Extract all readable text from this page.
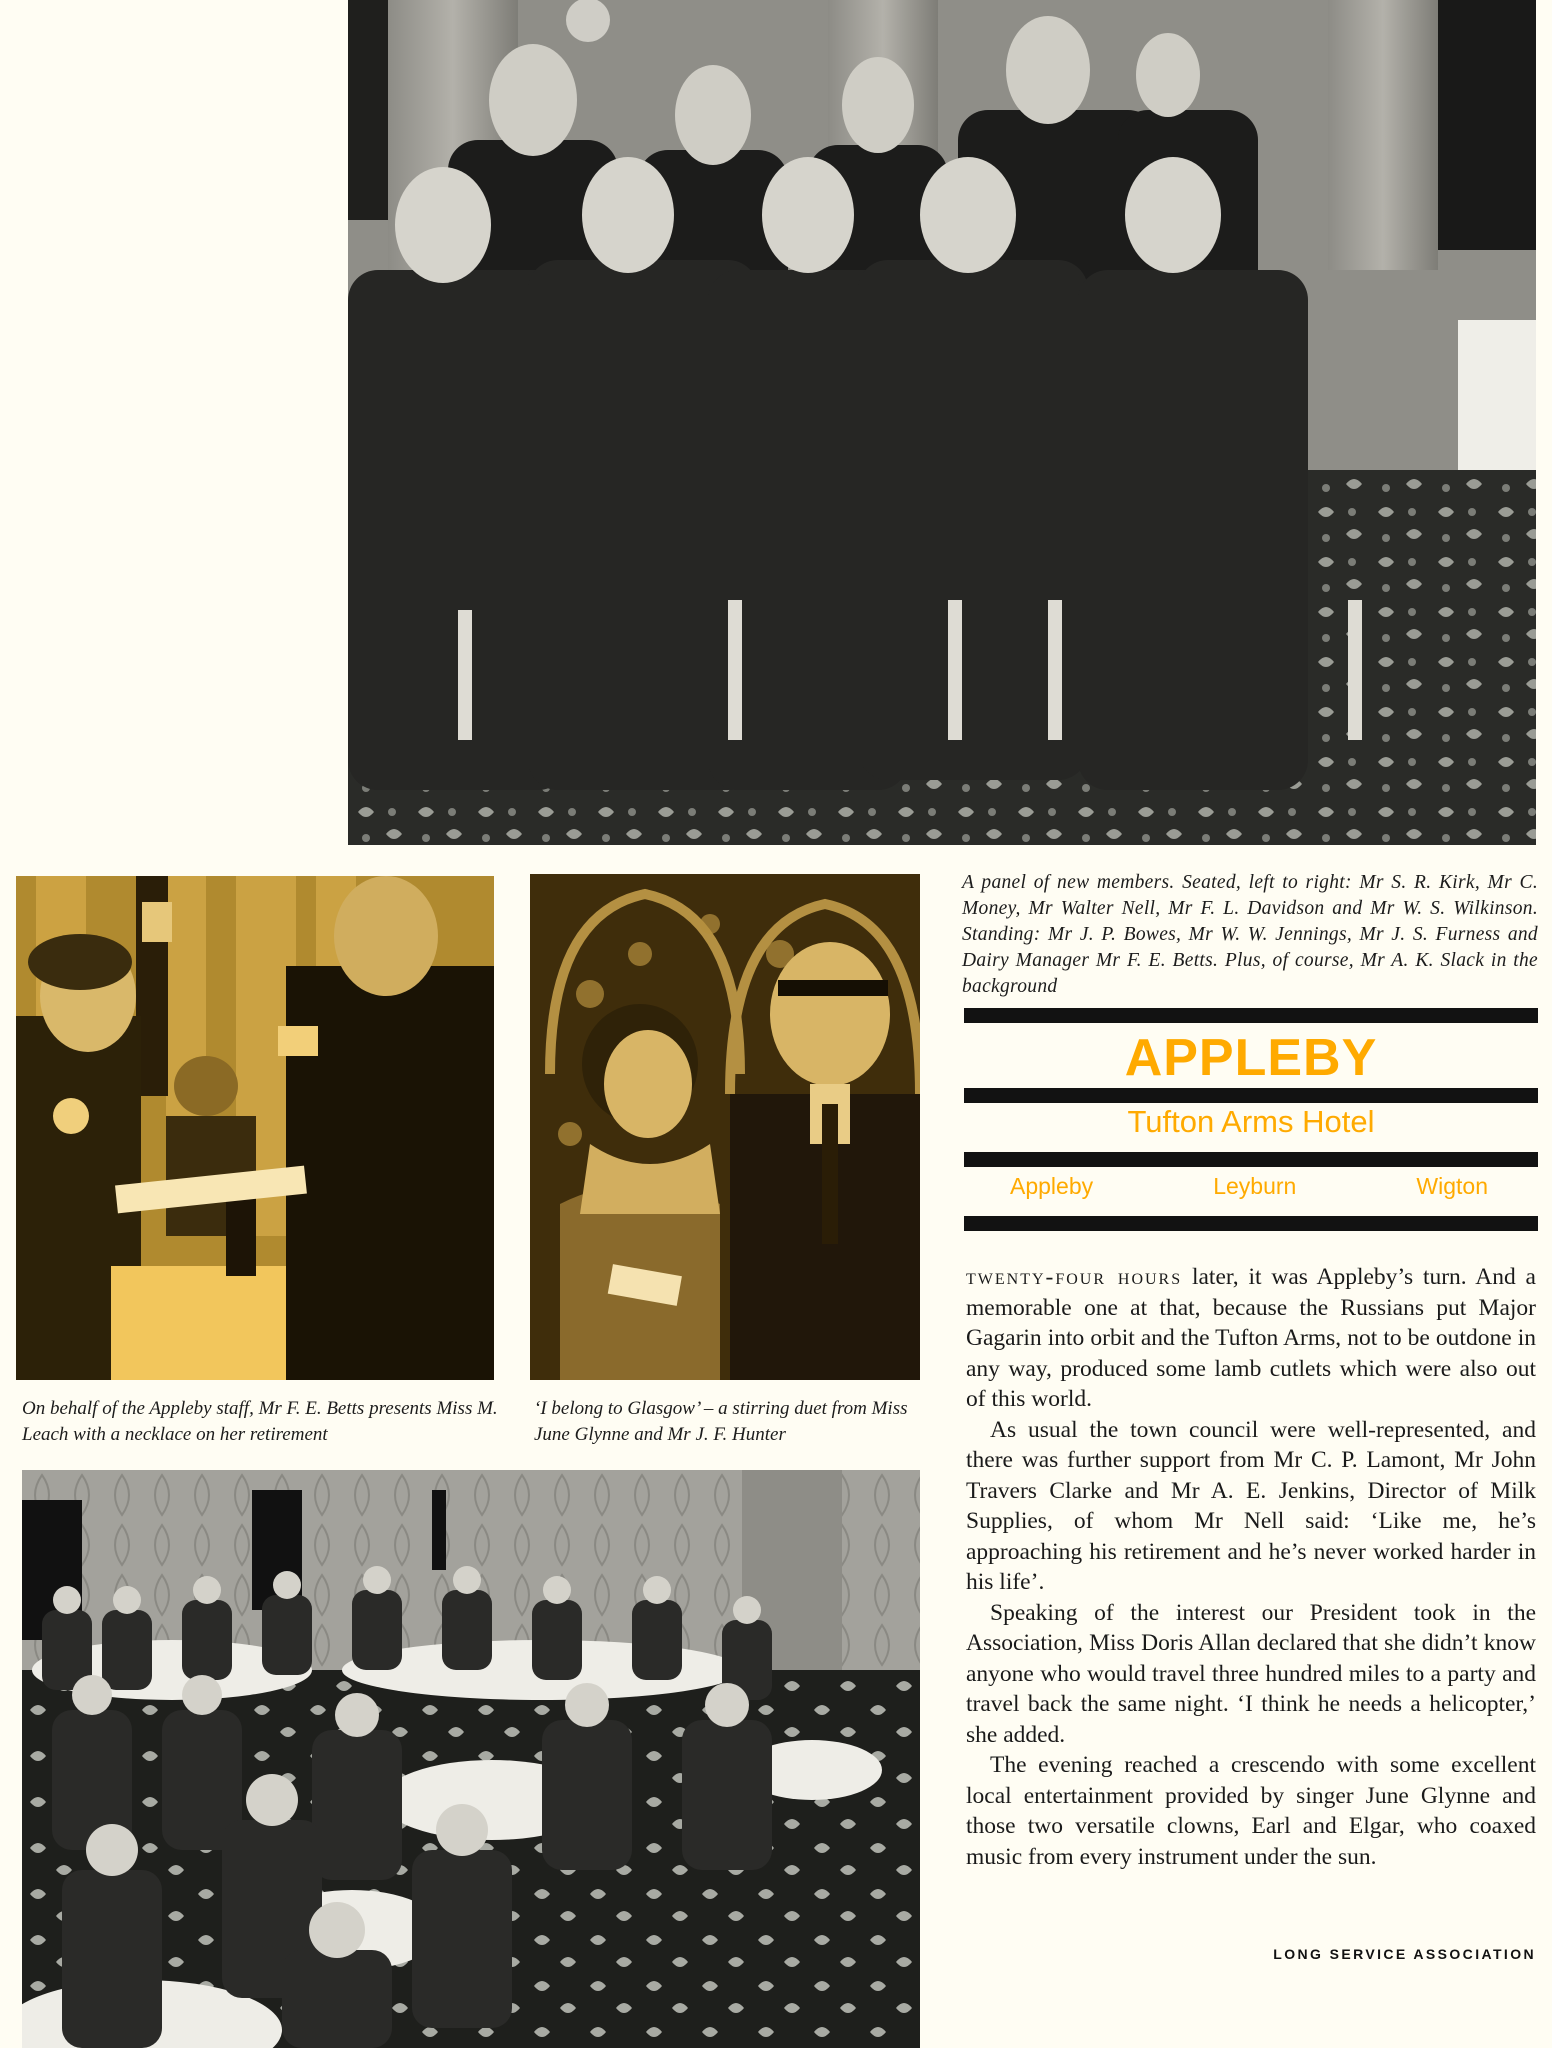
A panel of new members. Seated, left to right: Mr S. R. Kirk, Mr C. Money, Mr Walter Nell, Mr F. L. Davidson and Mr W. S. Wilkinson. Standing: Mr J. P. Bowes, Mr W. W. Jennings, Mr J. S. Furness and Dairy Manager Mr F. E. Betts. Plus, of course, Mr A. K. Slack in the background
On behalf of the Appleby staff, Mr F. E. Betts presents Miss M. Leach with a necklace on her retirement
‘I belong to Glasgow’ – a stirring duet from Miss June Glynne and Mr J. F. Hunter
APPLEBY
Tufton Arms Hotel
Appleby	Leyburn	Wigton

twenty-four hours later, it was Appleby’s turn. And a memorable one at that, because the Russians put Major Gagarin into orbit and the Tufton Arms, not to be outdone in any way, produced some lamb cutlets which were also out of this world.

As usual the town council were well-represented, and there was further support from Mr C. P. Lamont, Mr John Travers Clarke and Mr A. E. Jenkins, Director of Milk Supplies, of whom Mr Nell said: ‘Like me, he’s approaching his retirement and he’s never worked harder in his life’.

Speaking of the interest our President took in the Association, Miss Doris Allan declared that she didn’t know anyone who would travel three hundred miles to a party and travel back the same night. ‘I think he needs a helicopter,’ she added.

The evening reached a crescendo with some excellent local entertainment provided by singer June Glynne and those two versatile clowns, Earl and Elgar, who coaxed music from every instrument under the sun.

LONG SERVICE ASSOCIATION
